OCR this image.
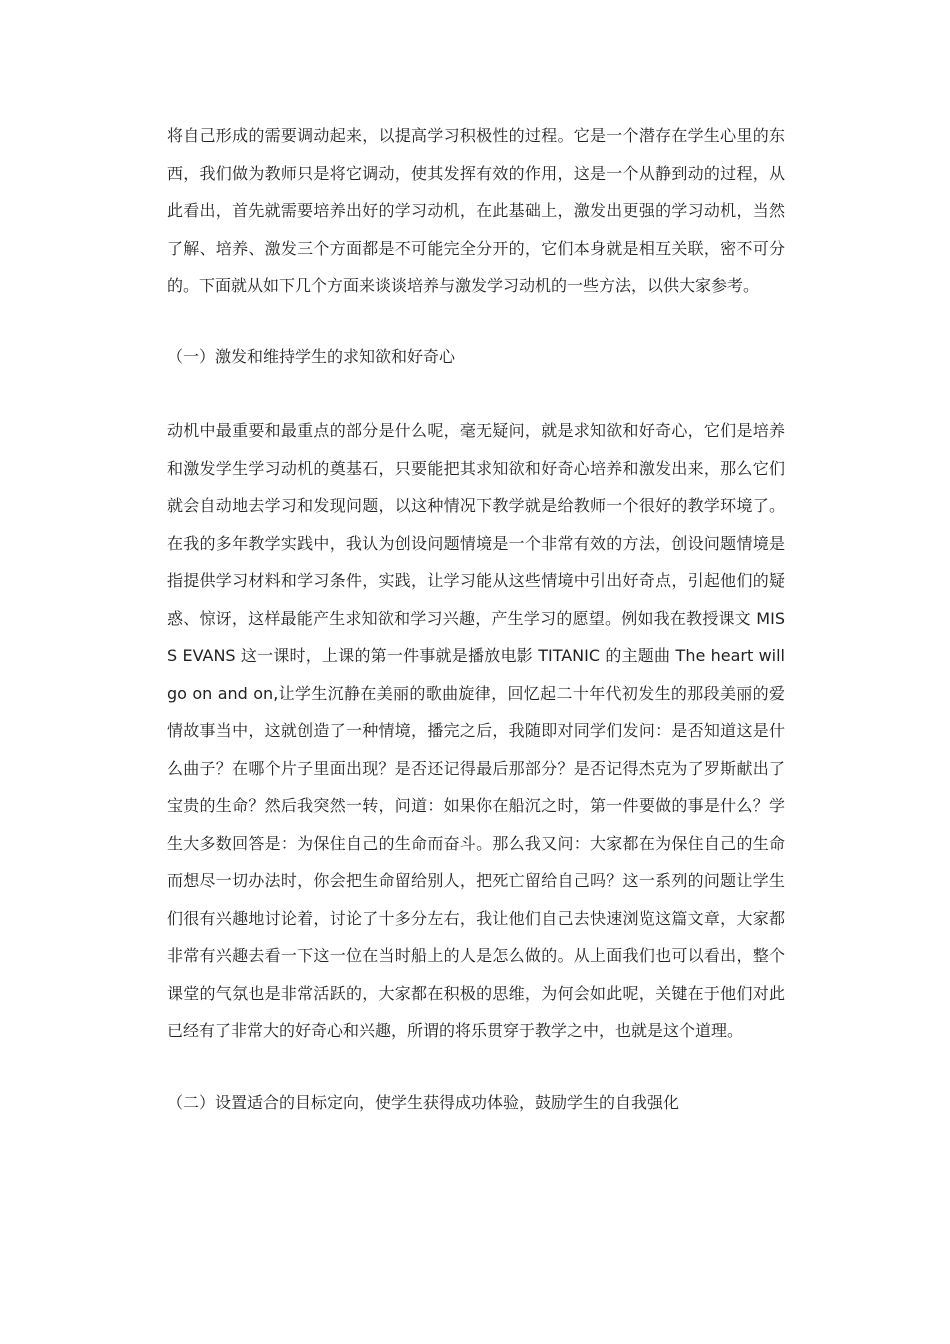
将自己形成的需要调动起来，以提高学习积极性的过程。它是一个潜存在学生心里的东西，我们做为教师只是将它调动，使其发挥有效的作用，这是一个从静到动的过程，从此看出，首先就需要培养出好的学习动机，在此基础上，激发出更强的学习动机，当然了解、培养、激发三个方面都是不可能完全分开的，它们本身就是相互关联，密不可分的。下面就从如下几个方面来谈谈培养与激发学习动机的一些方法，以供大家参考。

（一）激发和维持学生的求知欲和好奇心

动机中最重要和最重点的部分是什么呢，毫无疑问，就是求知欲和好奇心，它们是培养和激发学生学习动机的奠基石，只要能把其求知欲和好奇心培养和激发出来，那么它们就会自动地去学习和发现问题，以这种情况下教学就是给教师一个很好的教学环境了。在我的多年教学实践中，我认为创设问题情境是一个非常有效的方法，创设问题情境是指提供学习材料和学习条件，实践，让学习能从这些情境中引出好奇点，引起他们的疑惑、惊讶，这样最能产生求知欲和学习兴趣，产生学习的愿望。例如我在教授课文 MISS EVANS 这一课时，上课的第一件事就是播放电影 TITANIC 的主题曲 The heart will go on and on,让学生沉静在美丽的歌曲旋律，回忆起二十年代初发生的那段美丽的爱情故事当中，这就创造了一种情境，播完之后，我随即对同学们发问：是否知道这是什么曲子？在哪个片子里面出现？是否还记得最后那部分？是否记得杰克为了罗斯献出了宝贵的生命？然后我突然一转，问道：如果你在船沉之时，第一件要做的事是什么？学生大多数回答是：为保住自己的生命而奋斗。那么我又问：大家都在为保住自己的生命而想尽一切办法时，你会把生命留给别人，把死亡留给自己吗？这一系列的问题让学生们很有兴趣地讨论着，讨论了十多分左右，我让他们自己去快速浏览这篇文章，大家都非常有兴趣去看一下这一位在当时船上的人是怎么做的。从上面我们也可以看出，整个课堂的气氛也是非常活跃的，大家都在积极的思维，为何会如此呢，关键在于他们对此已经有了非常大的好奇心和兴趣，所谓的将乐贯穿于教学之中，也就是这个道理。

（二）设置适合的目标定向，使学生获得成功体验，鼓励学生的自我强化
